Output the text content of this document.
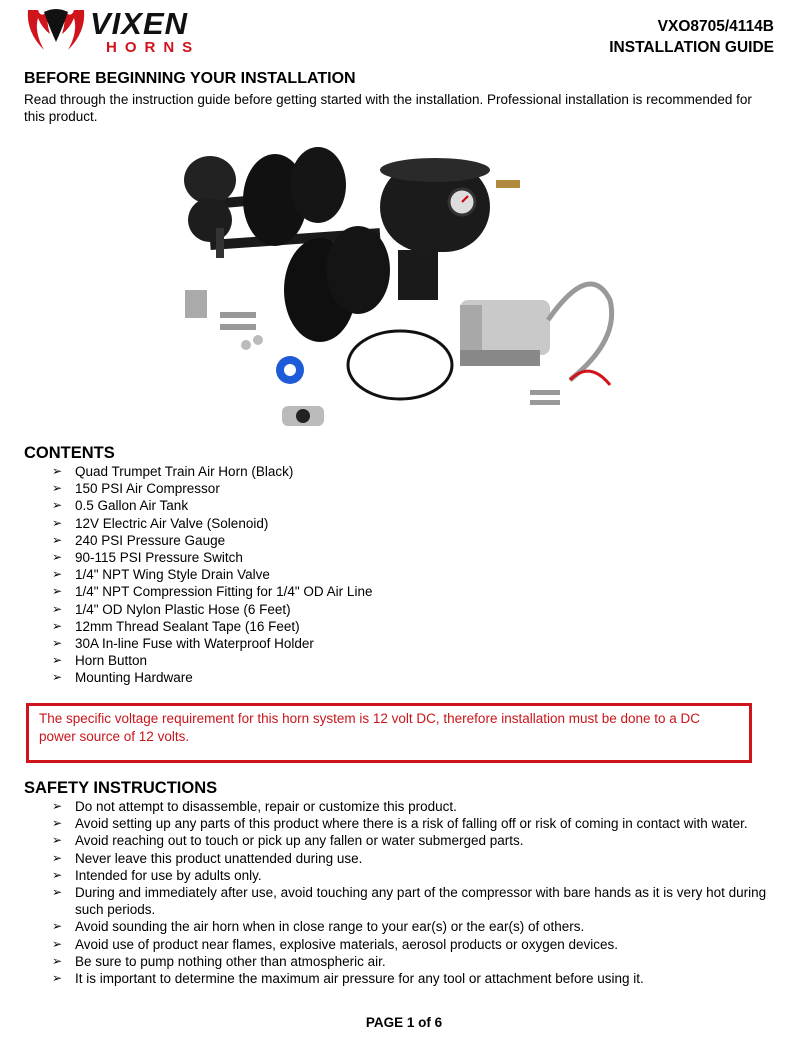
VIXEN
HORNS
VXO8705/4114B
INSTALLATION GUIDE
BEFORE BEGINNING YOUR INSTALLATION
Read through the instruction guide before getting started with the installation. Professional installation is recommended for this product.
CONTENTS
➢ Quad Trumpet Train Air Horn (Black)
➢ 150 PSI Air Compressor
➢ 0.5 Gallon Air Tank
➢ 12V Electric Air Valve (Solenoid)
➢ 240 PSI Pressure Gauge
➢ 90-115 PSI Pressure Switch
➢ 1/4" NPT Wing Style Drain Valve
➢ 1/4" NPT Compression Fitting for 1/4" OD Air Line
➢ 1/4" OD Nylon Plastic Hose (6 Feet)
➢ 12mm Thread Sealant Tape (16 Feet)
➢ 30A In-line Fuse with Waterproof Holder
➢ Horn Button
➢ Mounting Hardware
The specific voltage requirement for this horn system is 12 volt DC, therefore installation must be done to a DC power source of 12 volts.
SAFETY INSTRUCTIONS
➢ Do not attempt to disassemble, repair or customize this product.
➢ Avoid setting up any parts of this product where there is a risk of falling off or risk of coming in contact with water.
➢ Avoid reaching out to touch or pick up any fallen or water submerged parts.
➢ Never leave this product unattended during use.
➢ Intended for use by adults only.
➢ During and immediately after use, avoid touching any part of the compressor with bare hands as it is very hot during such periods.
➢ Avoid sounding the air horn when in close range to your ear(s) or the ear(s) of others.
➢ Avoid use of product near flames, explosive materials, aerosol products or oxygen devices.
➢ Be sure to pump nothing other than atmospheric air.
➢ It is important to determine the maximum air pressure for any tool or attachment before using it.
PAGE 1 of 6
